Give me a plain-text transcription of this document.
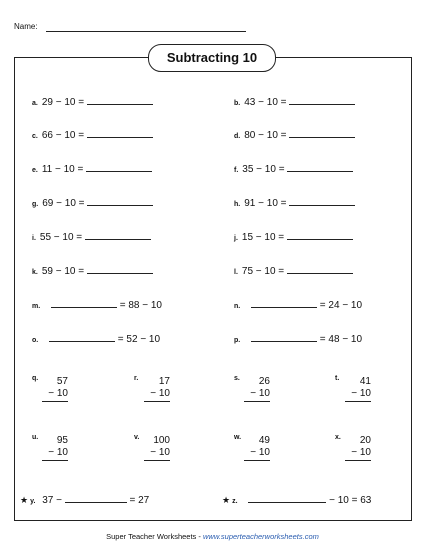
Name:
Subtracting 10
a. 29 − 10 =	b. 43 − 10 =
c. 66 − 10 =	d. 80 − 10 =
e. 11 − 10 =	f. 35 − 10 =
g. 69 − 10 =	h. 91 − 10 =
i. 55 − 10 =	j. 15 − 10 =
k. 59 − 10 =	l. 75 − 10 =
m.	= 88 − 10	n.	= 24 − 10
o.	= 52 − 10	p.	= 48 − 10
q.	57
− 10
r.	17
− 10
s.	26
− 10
t.	41
− 10
u.	95
− 10
v.	100
− 10
w.	49
− 10
x.	20
− 10
★ y. 37 −	= 27	★ z.	− 10 = 63
Super Teacher Worksheets - www.superteacherworksheets.com
